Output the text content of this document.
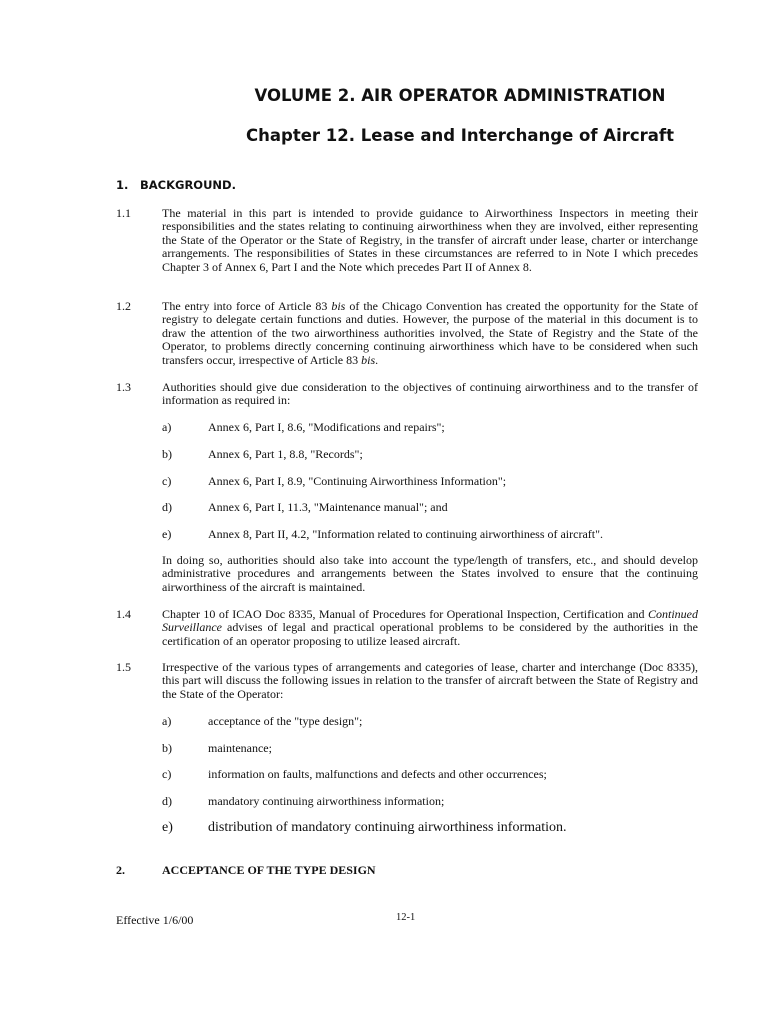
VOLUME 2. AIR OPERATOR ADMINISTRATION
Chapter 12. Lease and Interchange of Aircraft
1. BACKGROUND.
1.1	The material in this part is intended to provide guidance to Airworthiness Inspectors in meeting their responsibilities and the states relating to continuing airworthiness when they are involved, either representing the State of the Operator or the State of Registry, in the transfer of aircraft under lease, charter or interchange arrangements. The responsibilities of States in these circumstances are referred to in Note I which precedes Chapter 3 of Annex 6, Part I and the Note which precedes Part II of Annex 8.
1.2	The entry into force of Article 83 bis of the Chicago Convention has created the opportunity for the State of registry to delegate certain functions and duties. However, the purpose of the material in this document is to draw the attention of the two airworthiness authorities involved, the State of Registry and the State of the Operator, to problems directly concerning continuing airworthiness which have to be considered when such transfers occur, irrespective of Article 83 bis.
1.3	Authorities should give due consideration to the objectives of continuing airworthiness and to the transfer of information as required in:
a)	Annex 6, Part I, 8.6, "Modifications and repairs";
b)	Annex 6, Part 1, 8.8, "Records";
c)	Annex 6, Part I, 8.9, "Continuing Airworthiness Information";
d)	Annex 6, Part I, 11.3, "Maintenance manual"; and
e)	Annex 8, Part II, 4.2, "Information related to continuing airworthiness of aircraft".
In doing so, authorities should also take into account the type/length of transfers, etc., and should develop administrative procedures and arrangements between the States involved to ensure that the continuing airworthiness of the aircraft is maintained.
1.4	Chapter 10 of ICAO Doc 8335, Manual of Procedures for Operational Inspection, Certification and Continued Surveillance advises of legal and practical operational problems to be considered by the authorities in the certification of an operator proposing to utilize leased aircraft.
1.5	Irrespective of the various types of arrangements and categories of lease, charter and interchange (Doc 8335), this part will discuss the following issues in relation to the transfer of aircraft between the State of Registry and the State of the Operator:
a)	acceptance of the "type design";
b)	maintenance;
c)	information on faults, malfunctions and defects and other occurrences;
d)	mandatory continuing airworthiness information;
e)	distribution of mandatory continuing airworthiness information.
2.	ACCEPTANCE OF THE TYPE DESIGN
Effective 1/6/00	12-1
